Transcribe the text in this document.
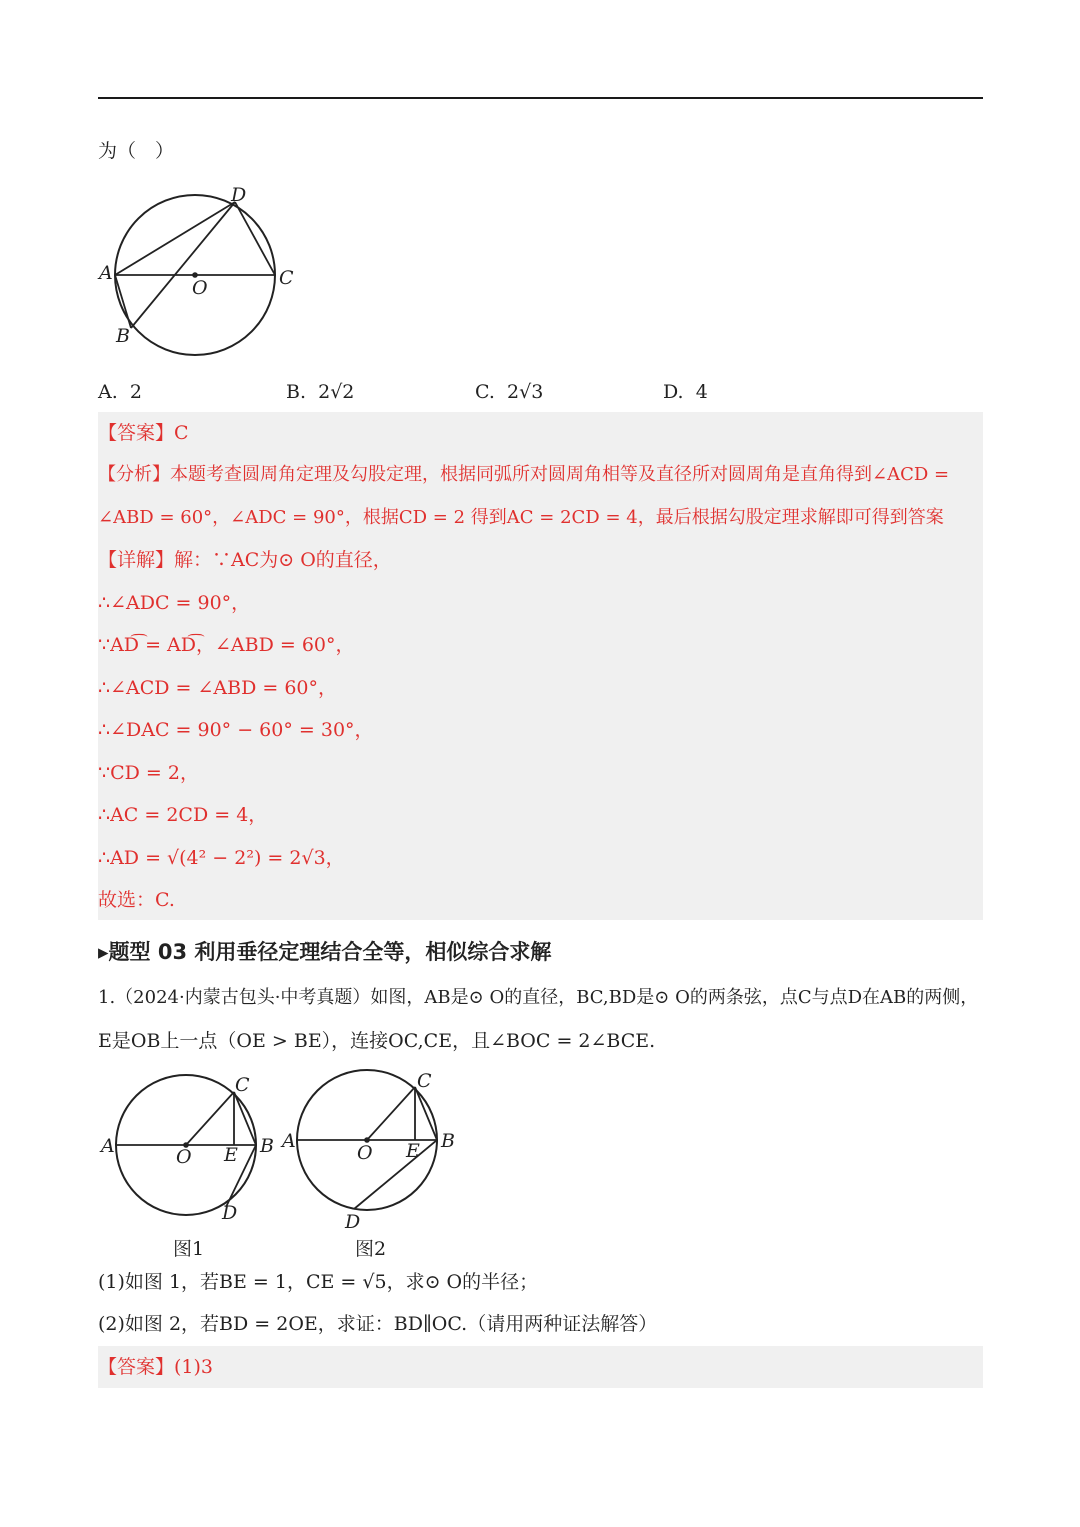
为（　）
A
D
C
O
B
A. 2	B. 2√2	C. 2√3	D. 4
【答案】C
【分析】本题考查圆周角定理及勾股定理，根据同弧所对圆周角相等及直径所对圆周角是直角得到∠ACD =
∠ABD = 60°，∠ADC = 90°，根据CD = 2 得到AC = 2CD = 4，最后根据勾股定理求解即可得到答案
【详解】解：∵AC为⊙ O的直径，
∴∠ADC = 90°，
∵AD͡ = AD͡，∠ABD = 60°，
∴∠ACD = ∠ABD = 60°，
∴∠DAC = 90° − 60° = 30°，
∵CD = 2，
∴AC = 2CD = 4，
∴AD = √(4² − 2²) = 2√3，
故选：C.
▸题型 03 利用垂径定理结合全等，相似综合求解
1.（2024·内蒙古包头·中考真题）如图，AB是⊙ O的直径，BC,BD是⊙ O的两条弦，点C与点D在AB的两侧，
E是OB上一点（OE > BE），连接OC,CE，且∠BOC = 2∠BCE.
A
C
O E B
D
A
C
O E B
D
图1	图2
(1)如图 1，若BE = 1，CE = √5，求⊙ O的半径；
(2)如图 2，若BD = 2OE，求证：BD∥OC.（请用两种证法解答）
【答案】(1)3
